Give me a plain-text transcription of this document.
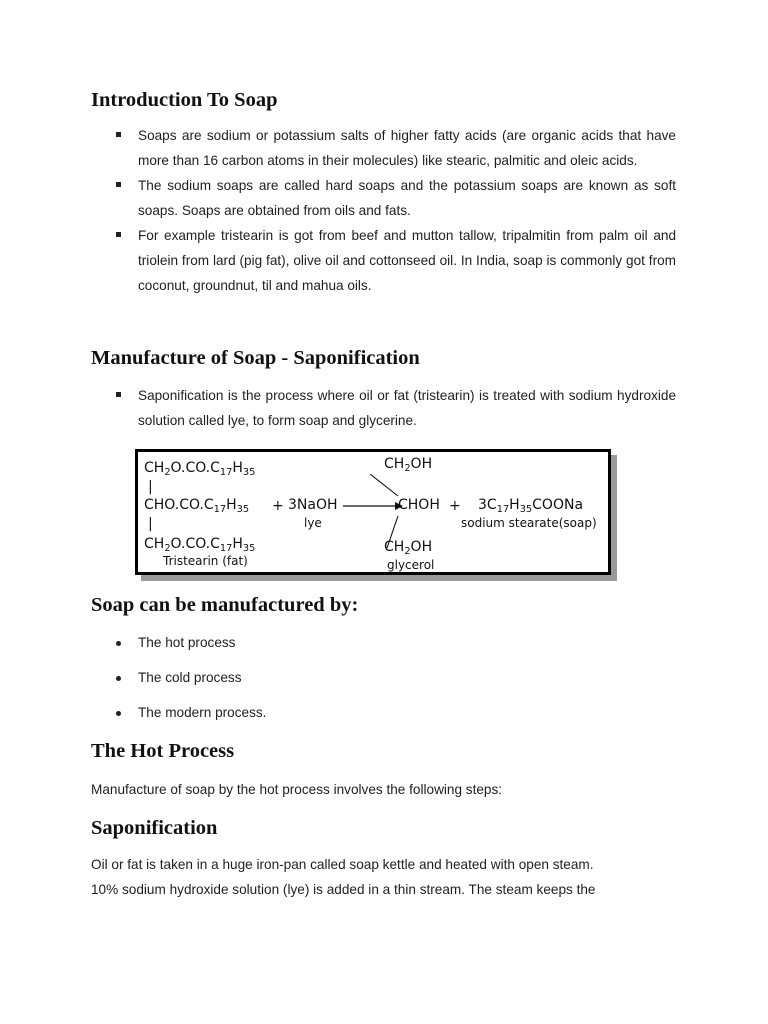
Introduction To Soap
Soaps are sodium or potassium salts of higher fatty acids (are organic acids that have more than 16 carbon atoms in their molecules) like stearic, palmitic and oleic acids.
The sodium soaps are called hard soaps and the potassium soaps are known as soft soaps. Soaps are obtained from oils and fats.
For example tristearin is got from beef and mutton tallow, tripalmitin from palm oil and triolein from lard (pig fat), olive oil and cottonseed oil. In India, soap is commonly got from coconut, groundnut, til and mahua oils.
Manufacture of Soap - Saponification
Saponification is the process where oil or fat (tristearin) is treated with sodium hydroxide solution called lye, to form soap and glycerine.
$CH_2O.CO.C_{17}H_{35}$
|
$CHO.CO.C_{17}H_{35}$
|
$CH_2O.CO.C_{17}H_{35}$
Tristearin (fat)
+ 3NaOH
lye
$CH_2OH$
CHOH
$CH_2OH$
glycerol
+ $3C_{17}H_{35}COONa$
sodium stearate(soap)
Soap can be manufactured by:
The hot process
The cold process
The modern process.
The Hot Process

Manufacture of soap by the hot process involves the following steps:

Saponification

Oil or fat is taken in a huge iron-pan called soap kettle and heated with open steam.

10% sodium hydroxide solution (lye) is added in a thin stream. The steam keeps the
